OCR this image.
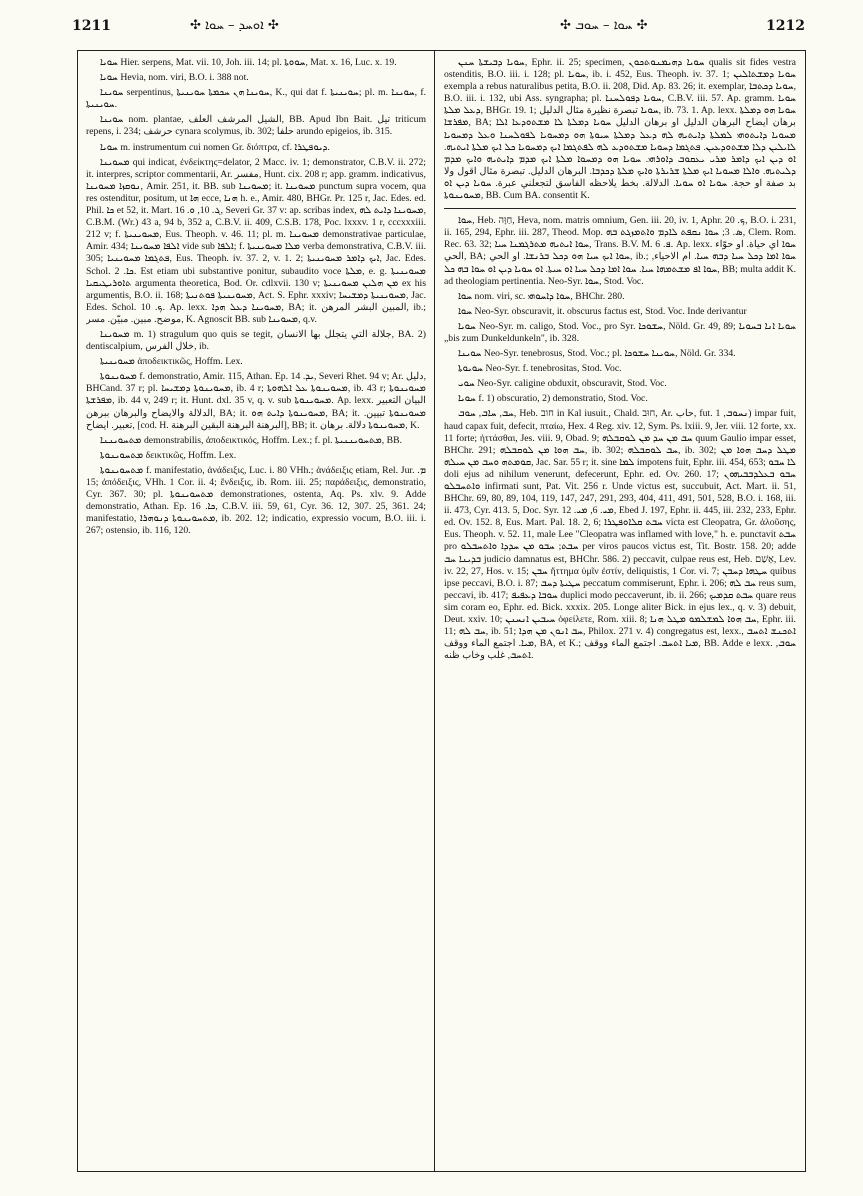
1211	✣ ܐܘܚܕ – ܚܘܐ ✣	✣ ܚܘܐ – ܚܘܒ ✣	1212

ܚܘܝܐ Hier. serpens, Mat. vii. 10, Joh. iii. 14; pl. ܚܘܘܬܐ, Mat. x. 16, Luc. x. 19.

ܚܘܝܐ Hevia, nom. viri, B.O. i. 388 not.

ܚܘܝܢܐ serpentinus, ܚܘܝܢܐ ܗܢ ܚܟܡܬܐ ܚܘܝܢܝܬܐ, K., qui dat f. ܚܘܝܢܝܬܐ; pl. m. ܚܘܝܢܐ, f. ܚܘܝܢܝܬܐ.

ܚܘܝܢܐ nom. plantae, الشيل المرشف العلف, BB. Apud Ibn Bait. تيل triticum repens, i. 234; حرشف cynara scolymus, ib. 302; حلفا arundo epigeios, ib. 315.

ܚܘܝܐ m. instrumentum cui nomen Gr. διόπτρα, cf. ܕܝܘܦܛܪܐ.

ܡܚܘܝܢܐ qui indicat, ἐνδείκτης=delator, 2 Macc. iv. 1; demonstrator, C.B.V. ii. 272; it. interpres, scriptor commentarii, Ar. مفسر, Hunt. cix. 208 r; app. gramm. indicativus, ܢܘܩܙܐ ܡܚܘܝܢܐ, Amir. 251, it. BB. sub ܡܚܘܝܢܐ; it. ܡܚܘܝܢܐ punctum supra vocem, qua res ostenditur, positum, ut ܗܐ ecce, ܗܢܐ h. e., Amir. 480, BHGr. Pr. 125 r, Jac. Edes. ed. Phil. ܟܐ et 52, it. Mart. ܓ. 10, ܘ. 16, Severi Gr. 37 v: ap. scribas index, ܡܚܘܝܢܐ ܕܐܝܬ ܠܗ, C.B.M. (Wr.) 43 a, 94 b, 352 a, C.B.V. ii. 409, C.S.B. 178, Poc. lxxxv. 1 r, cccxxxiii. 212 v; f. ܡܚܘܝܢܝܬܐ, Eus. Theoph. v. 46. 11; pl. m. ܡܚܘܝܢܐ demonstrativae particulae, Amir. 434; ܐܠܦܐ ܡܚܘܝܢܐ vide sub ܐܠܦܐ; f. ܡܠܐ ܡܚܘܝܢܝܬܐ verba demonstrativa, C.B.V. iii. 305; ܦܬܓܡܐ ܡܚܘܝܢܝܐ, Eus. Theoph. iv. 37. 2, v. 1. 2; ܐܝܟ ܕܐܡܪ ܡܚܘܝܢܝܬܐ, Jac. Edes. Schol. ܟܐ. 2. Est etiam ubi substantive ponitur, subaudito voce ܡܠܬܐ, e. g. ܡܚܘܝܢܝܬܐ ܬܐܘܪܝܛܝܩܝܐ argumenta theoretica, Bod. Or. cdlxvii. 130 v; ܡܢ ܗܠܝܢ ܡܚܘܝܢܝܬܐ ex his argumentis, B.O. ii. 168; ܡܚܘܝܢܝܬܐ ܦܘܬܢܝܬܐ, Act. S. Ephr. xxxiv; ܡܚܘܝܢܝܬܐ ܕܡܫܝܚܐ, Jac. Edes. Schol. ܟ. 10. Ap. lexx. ܡܚܘܝܢܐ ܕܥܠ ܗܕܐ, BA; it. المبين البشر المرهن, ib.; موضح. مبين. مبيّن. مسر, K. Agnoscit BB. sub ܡܚܘܝܢܐ, q.v.

ܡܚܘܝܢܐ m. 1) stragulum quo quis se tegit, جلالة التي يتجلل بها الانسان, BA. 2) dentiscalpium, خلال الفرس, ib.

ܡܚܘܝܢܝܬܐ ἀποδεικτικῶς, Hoffm. Lex.

ܡܚܘܝܢܘܬܐ f. demonstratio, Amir. 115, Athan. Ep. ܝܕ. 14, Severi Rhet. 94 v; Ar. دليل, BHCand. 37 r; pl. ܡܚܘܝܢܘܬܐ ܕܡܫܝܚܐ, ib. 4 r; ܡܚܘܝܢܘܬܐ ܥܠ ܐܠܗܘܬܐ, ib. 43 r; ܡܚܘܝܢܘܬܐ ܡܦܪܫܬܐ, ib. 44 v, 249 r; it. Hunt. dxl. 35 v, q. v. sub ܡܚܘܝܢܘܬܐ. Ap. lexx. البيان التعبير الدلالة والايضاح والبرهان ببرهن, BA; it. ܡܚܘܝܢܘܬܐ ܕܐܝܬ ܗܘ, BA; it. ܡܚܘܝܢܘܬܐ تبيين. تعبير. ايضاح, [cod. H. البرهنة البرهنة البقين البرهنة], BB; it. ܡܚܘܝܢܘܬܐ دلالة. برهان, K.

ܡܬܚܘܝܢܢܐ demonstrabilis, ἀποδεικτικός, Hoffm. Lex.; f. pl. ܡܬܚܘܝܢܢܝܬܐ, BB.

ܡܬܚܘܝܢܘܬܐ δεικτικῶς, Hoffm. Lex.

ܡܬܚܘܝܢܘܬܐ f. manifestatio, ἀνάδειξις, Luc. i. 80 VHh.; ἀνάδειξις etiam, Rel. Jur. ܡ. 15; ἀπόδειξις, VHh. 1 Cor. ii. 4; ἔνδειξις, ib. Rom. iii. 25; παράδειξις, demonstratio, Cyr. 367. 30; pl. ܡܬܚܘܝܢܘܬܐ demonstrationes, ostenta, Aq. Ps. xlv. 9. Adde demonstratio, Athan. Ep. ܟܐ. 16, C.B.V. iii. 59, 61, Cyr. 36. 12, 307. 25, 361. 24; manifestatio, ܡܬܚܘܝܢܘܬܐ ܕܢܘܗܪܐ, ib. 202. 12; indicatio, expressio vocum, B.O. iii. i. 267; ostensio, ib. 116, 120.

ܚܘܝܐ ܕܒܝܫܬܐ ܚܢܢ, Ephr. ii. 25; specimen, ܚܘܝܐ ܕܗܝܡܢܘܬܟܘܢ qualis sit fides vestra ostenditis, B.O. iii. i. 128; pl. ܚܘܝܐ, ib. i. 452, Eus. Theoph. iv. 37. 1; ܚܘܝܐ ܕܡܫܬܐܠܝܢ exempla a rebus naturalibus petita, B.O. ii. 208, Did. Ap. 83. 26; it. exemplar, ܚܘܝܐ ܕܟܬܒܐ, B.O. iii. i. 132, ubi Ass. syngrapha; pl. ܚܘܝܐ ܕܦܘܠܚܢܐ, C.B.V. iii. 57. Ap. gramm. ܚܘܝܐ ܕܥܠ ܡܠܬܐ, BHGr. 19. 1; ܚܘܝܐ تبصرة نظيرة مثال الدليل, ib. 73. 1. Ap. lexx. ܚܘܝܐ ܗܘ ܕܡܠܬܐ ܡܦܪܫܐ, BA; برهان ايضاح البرهان الدليل او برهان الدليل ܚܘܝܐ ܕܡܠܬܐ ܠܐ ܡܫܬܘܕܥܐ ܐܠܐ ܡܚܘܝܐ ܕܐܝܬܘܗܝ ܠܡܠܬܐ ܕܐܝܬܝܗ ܠܗ ܕܥܠ ܕܡܠܬܐ ܚܝܘܬܐ ܗܘ ܕܡܚܘܝܐ ܠܦܘܠܚܢܐ ܘܥܠ ܕܡܚܘܝܐ ܠܐܝܠܝܢ ܕܠܐ ܡܫܬܘܕܥܝܢ. ܦܬܓܡܐ ܕܚܘܝܐ ܡܫܬܘܕܥ ܠܗ ܠܦܬܓܡܐ ܐܝܟ ܕܡܚܘܝܐ ܟܠ ܐܝܟ ܡܠܬܐ ܐܝܬܝܗ. ܐܘ ܕܝܢ ܐܝܟ ܕܐܡܪ ܡܪܝ ܝܥܩܘܒ ܕܐܘܪܗܝ. ܚܘܝܐ ܗܘ ܕܡܚܘܐ ܡܠܬܐ ܐܝܟ ܡܕܡ ܕܐܝܬܝܗ ܘܐܝܟ ܡܕܡ ܕܠܝܬܝܗ. ܘܐܠܐ ܡܚܘܝܐ ܐܝܟ ܡܠܬܐ ܫܪܝܪܬܐ ܘܐܝܟ ܡܠܬܐ ܕܟܕܒܐ. البرهان الدليل. تبصرة مثال اقول ولا بد صفة او حجة. ܚܘܝܐ ܐܘ ܚܘܝܐ. الدلالة. بخط يلاحظه الفاسق لتجعلني عبرة. ܚܘܝܐ ܕܝܢ ܐܘ ܡܚܘܝܢܘܬܐ, BB. Cum BA. consentit K.

ܚܘܐ, Heb. חַוָּה, Heva, nom. matris omnium, Gen. iii. 20, iv. 1, Aphr. ܟ. 20, B.O. i. 231, ii. 165, 294, Ephr. iii. 287, Theod. Mop. ܣ. 3; ܚܘܐ ܢܩܦܬ ܠܐܕܡ ܘܐܬܡܙܓܬ ܒܗ, Clem. Rom. Rec. 63. 32; ܚܘܐ ܐܝܬܝܗ ܡܬܪܓܡܢܐ ܚܝܐ, Trans. B.V. M. ܦ. 6. Ap. lexx. ܚܘܐ اي حياة. او حوّاء الحي, BA; ܚܘܐ ܐܝܟ ܚܝܐ ܗܘ ܕܟܠ ܒܪܢܫܐ. او الحي, ib.; ܚܘܐ ܐܡܐ ܕܟܠ ܚܝܐ ܕܒܗ ܚܝܐ. ام الاحياء, ܚܘܐ ܐܦ ܡܫܬܡܗܐ ܚܝܐ. ܚܘܐ ܐܡܐ ܕܟܠ ܚܝܐ ܐܘ ܚܝܬܐ. ܐܘ ܚܘܝܐ ܕܝܢ ܐܘ ܚܘܐ ܒܗ ܟܠ, BB; multa addit K. ad theologiam pertinentia. Neo-Syr. ܚܘܐ, Stod. Voc.

ܚܘܐ nom. viri, sc. ܚܘܐ ܕܐܚܘܗܝ, BHChr. 280.

ܚܘܐ Neo-Syr. obscuravit, it. obscurus factus est, Stod. Voc. Inde derivantur

ܚܘܝܐ Neo-Syr. m. caligo, Stod. Voc., pro Syr. ܚܫܘܟܐ, Nöld. Gr. 49, 89; ܚܘܝܐ ܐܢܐ ܒܚܘܝܐ „bis zum Dunkeldunkeln", ib. 328.

ܚܘܝܢܐ Neo-Syr. tenebrosus, Stod. Voc.; pl. ܚܘܝܢܐ ܚܫܘܟܐ, Nöld. Gr. 334.

ܚܘܝܘܬܐ Neo-Syr. f. tenebrositas, Stod. Voc.

ܚܘܝ Neo-Syr. caligine obduxit, obscuravit, Stod. Voc.

ܚܘܝܐ f. 1) obscuratio, 2) demonstratio, Stod. Voc.

ܚܒ, ܚܐܒ, ܚܘܒ, Heb. חוב in Kal iusuit., Chald. חוּב, Ar. حاب, fut. ܢܚܘܒ, 1) impar fuit, haud capax fuit, defecit, πταίω, Hex. 4 Reg. xiv. 12, Sym. Ps. lxiii. 9, Jer. viii. 12 forte, xx. 11 forte; ἡττάσθαι, Jes. viii. 9, Obad. 9; ܚܒ ܡܢ ܚܕ ܡܢ ܠܘܩܒܠܗ quum Gaulio impar esset, BHChr. 291; ܚܒ ܗܘܐ ܡܢ ܠܘܩܒܠܗ, ib. 302; ܚܒ ܠܘܩܒܠܗ, ib. 302; ܡܛܠ ܕܚܒ ܗܘܐ ܡܢ ܩܘܡܬܗ ܘܚܒ ܡܢ ܚܝܠܗ, Jac. Sar. 55 r; it. sine ܠܡܐ impotens fuit, Ephr. iii. 454, 653; ܠܐ ܚܒܘ doli ejus ad nihilum venerunt, defecerunt, Ephr. ed. Ov. 260. 17; ܚܒܘ ܒܥܠܕܒܒܝܗܘܢ ܘܐܬܚܒܠܘ infirmati sunt, Pat. Vit. 256 r. Unde victus est, succubuit, Act. Mart. ii. 51, BHChr. 69, 80, 89, 104, 119, 147, 247, 291, 293, 404, 411, 491, 501, 528, B.O. i. 168, iii. ii. 473, Cyr. 413. 5, Doc. Syr. ܡܝ. 6, ܡܝ. 12, Ebed J. 197, Ephr. ii. 445, iii. 232, 233, Ephr. ed. Ov. 152. 8, Eus. Mart. Pal. 18. 2, 6; ܚܒܬ ܩܠܐܘܦܛܪܐ victa est Cleopatra, Gr. ἁλοῦσης, Eus. Theoph. v. 52. 11, male Lee "Cleopatra was inflamed with love," h. e. punctavit ܚܒܬ pro ܚܒܬ; ܚܒܘ ܡܢ ܚܕܕܐ ܘܐܬܚܒܠܘ per viros paucos victus est, Tit. Bostr. 158. 20; adde ܒܕܝܢܐ ܚܒ judicio damnatus est, BHChr. 586. 2) peccavit, culpae reus est, Heb. אָשַׁם, Lev. iv. 22, 27, Hos. v. 15; ܚܒܢ ἥττημα ὑμῖν ἐστίν, deliquistis, 1 Cor. vi. 7; ܚܛܗܐ ܕܚܒܢ quibus ipse peccavi, B.O. i. 87; ܚܛܝܬܐ ܕܚܒ peccatum commiserunt, Ephr. i. 206; ܚܒ ܠܗ reus sum, peccavi, ib. 417; ܚܘܒܐ ܕܥܦܝܦ duplici modo peccaverunt, ib. ii. 266; ܚܒܬ ܩܕܡܝܟ quare reus sim coram eo, Ephr. ed. Bick. xxxix. 205. Longe aliter Bick. in ejus lex., q. v. 3) debuit, Deut. xxiv. 10; ܚܝܒܝܢ ܐܢܚܢܢ ὀφείλετε, Rom. xiii. 8; ܚܒ ܗܘܐ ܠܡܫܠܡܘ ܡܛܠ ܗܢܐ, Ephr. iii. 11; ܚܒ ܠܗ, ib. 51; ܚܒ ܐܢܘܢ ܡܢ ܗܕܐ, Philox. 271 v. 4) congregatus est, lexx., ܐܬܟܢܫ ܐܬܚܒ ܡܝܐ. اجتمع الماء ووقف, BA, et K.; ܡܝܐ ܐܬܚܒ. اجتمع الماء ووقف, BB. Adde e lexx. ܚܘܒ, ܐܬܚܒ, غلب وخاب ظنه.
